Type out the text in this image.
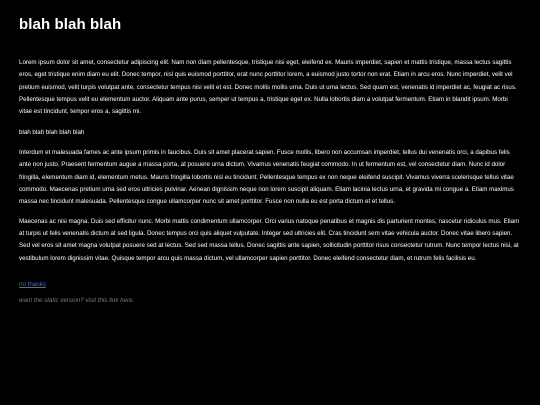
blah blah blah

Lorem ipsum dolor sit amet, consectetur adipiscing elit. Nam non diam pellentesque, tristique nisi eget, eleifend ex. Mauris imperdiet, sapien et mattis tristique, massa lectus sagittis eros, eget tristique enim diam eu elit. Donec tempor, nisl quis euismod porttitor, erat nunc porttitor lorem, a euismod justo tortor non erat. Etiam in arcu eros. Nunc imperdiet, velit vel pretium euismod, velit turpis volutpat ante, consectetur tempus nisi velit et est. Donec mollis mollis urna. Duis ut urna lectus. Sed quam est, venenatis id imperdiet ac, feugiat ac risus. Pellentesque tempus velit eu elementum auctor. Aliquam ante purus, semper ut tempus a, tristique eget ex. Nulla lobortis diam a volutpat fermentum. Etiam in blandit ipsum. Morbi vitae est tincidunt, tempor eros a, sagittis mi.

blah blah blah blah blah

Interdum et malesuada fames ac ante ipsum primis in faucibus. Duis sit amet placerat sapien. Fusce mollis, libero non accumsan imperdiet, tellus dui venenatis orci, a dapibus felis ante non justo. Praesent fermentum augue a massa porta, at posuere urna dictum. Vivamus venenatis feugiat commodo. In ut fermentum est, vel consectetur diam. Nunc id dolor fringilla, elementum diam id, elementum metus. Mauris fringilla lobortis nisl eu tincidunt. Pellentesque tempus ex non neque eleifend suscipit. Vivamus viverra scelerisque tellus vitae commodo. Maecenas pretium urna sed eros ultricies pulvinar. Aenean dignissim neque non lorem suscipit aliquam. Etiam lacinia lectus urna, et gravida mi congue a. Etiam maximus massa nec tincidunt malesuada. Pellentesque congue ullamcorper nunc sit amet porttitor. Fusce non nulla eu est porta dictum et et tellus.

Maecenas ac nisi magna. Duis sed efficitur nunc. Morbi mattis condimentum ullamcorper. Orci varius natoque penatibus et magnis dis parturient montes, nascetur ridiculus mus. Etiam at turpis ut felis venenatis dictum at sed ligula. Donec tempus orci quis aliquet vulputate. Integer sed ultricies elit. Cras tincidunt sem vitae vehicula auctor. Donec vitae libero sapien. Sed vel eros sit amet magna volutpat posuere sed at lectus. Sed sed massa tellus. Donec sagittis ante sapien, sollicitudin porttitor risus consectetur rutrum. Nunc tempor lectus nisi, at vestibulum lorem dignissim vitae. Quisque tempor arcu quis massa dictum, vel ullamcorper sapien porttitor. Donec eleifend consectetur diam, et rutrum felis facilisis eu.

no thanks
want the static version? visit this link here.
